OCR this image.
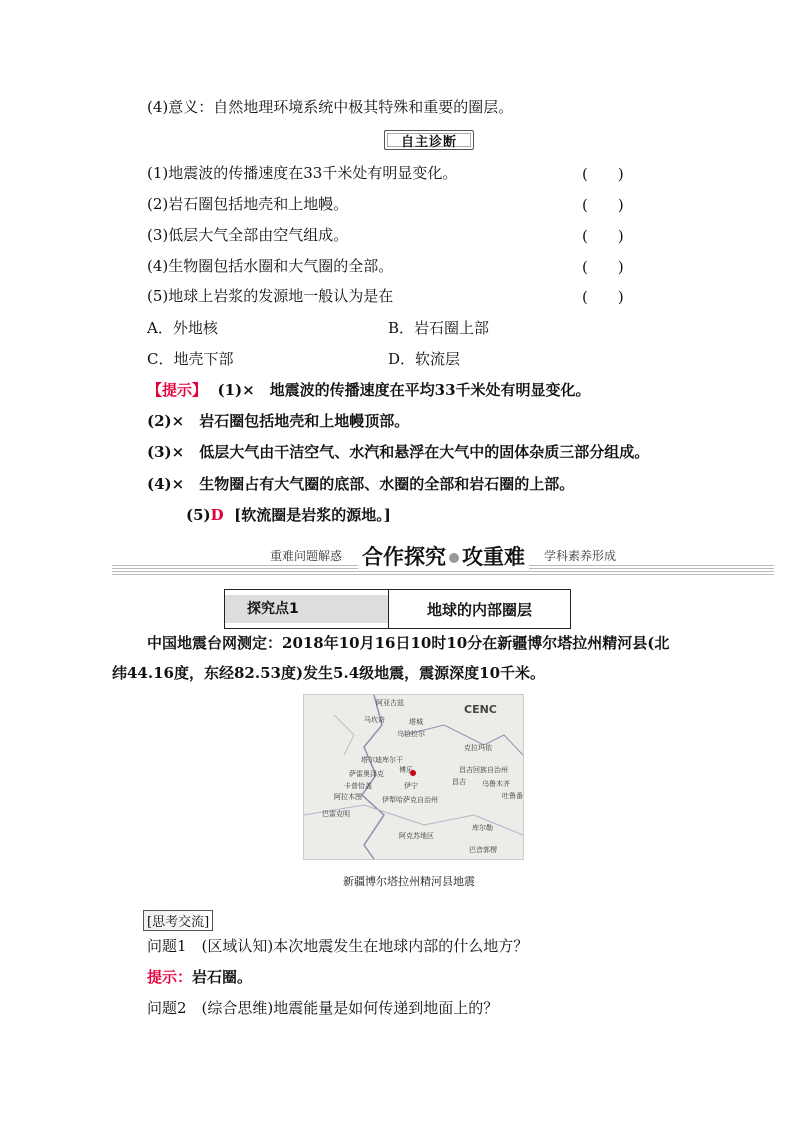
(4)意义：自然地理环境系统中极其特殊和重要的圈层。
自主诊断
(1)地震波的传播速度在33千米处有明显变化。	(　　)
(2)岩石圈包括地壳和上地幔。	(　　)
(3)低层大气全部由空气组成。	(　　)
(4)生物圈包括水圈和大气圈的全部。	(　　)
(5)地球上岩浆的发源地一般认为是在	(　　)
A．外地核	B．岩石圈上部
C．地壳下部	D．软流层
【提示】 (1)×　地震波的传播速度在平均33千米处有明显变化。
(2)×　岩石圈包括地壳和上地幔顶部。
(3)×　低层大气由干洁空气、水汽和悬浮在大气中的固体杂质三部分组成。
(4)×　生物圈占有大气圈的底部、水圈的全部和岩石圈的上部。
(5)D [软流圈是岩浆的源地。]
重难问题解惑 合作探究 攻重难	学科素养形成
探究点1	地球的内部圈层
中国地震台网测定：2018年10月16日10时10分在新疆博尔塔拉州精河县(北
纬44.16度，东经82.53度)发生5.4级地震，震源深度10千米。
CENC
阿亚古兹
马坎奇	塔城
乌恰拉尔
克拉玛依
塔尔迪库尔干
博乐
萨雷奥泽克
伊宁
昌吉回族自治州
昌吉 乌鲁木齐
吐鲁番
卡普恰盖
阿拉木图	伊犁哈萨克自治州
巴雷克明
库尔勒
阿克苏地区
巴音郭楞
新疆博尔塔拉州精河县地震
[思考交流]
问题1　(区域认知)本次地震发生在地球内部的什么地方？
提示：岩石圈。
问题2　(综合思维)地震能量是如何传递到地面上的？
